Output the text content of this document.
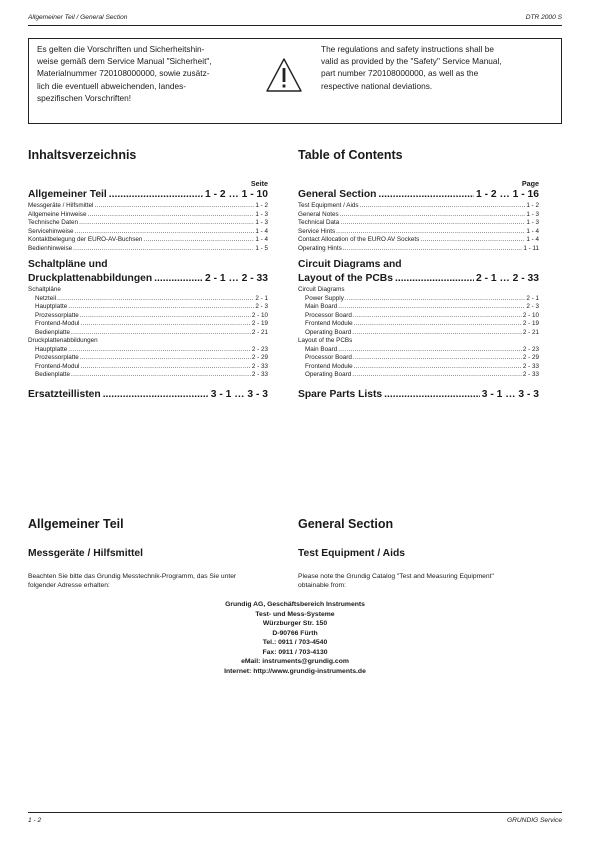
Allgemeiner Teil / General Section	DTR 2000 S
Es gelten die Vorschriften und Sicherheitshin-
weise gemäß dem Service Manual "Sicherheit",
Materialnummer 720108000000, sowie zusätz-
lich die eventuell abweichenden, landes-
spezifischen Vorschriften!
The regulations and safety instructions shall be
valid as provided by the "Safety" Service Manual,
part number 720108000000, as well as the
respective national deviations.
Inhaltsverzeichnis
Seite
Allgemeiner Teil .....	1 - 2 … 1 - 10
Messgeräte / Hilfsmittel .....	1 - 2
Allgemeine Hinweise .....	1 - 3
Technische Daten .....	1 - 3
Servicehinweise .....	1 - 4
Kontaktbelegung der EURO-AV-Buchsen .....	1 - 4
Bedienhinweise .....	1 - 5
Schaltpläne und
Druckplattenabbildungen .....	2 - 1 … 2 - 33
Schaltpläne
Netzteil .....	2 - 1
Hauptplatte .....	2 - 3
Prozessorplatte .....	2 - 10
Frontend-Modul .....	2 - 19
Bedienplatte .....	2 - 21
Druckplattenabbildungen
Hauptplatte .....	2 - 23
Prozessorplatte .....	2 - 29
Frontend-Modul .....	2 - 33
Bedienplatte .....	2 - 33
Ersatzteillisten .....	3 - 1 … 3 - 3
Table of Contents
Page
General Section .....	1 - 2 … 1 - 16
Test Equipment / Aids .....	1 - 2
General Notes .....	1 - 3
Technical Data .....	1 - 3
Service Hints .....	1 - 4
Contact Allocation of the EURO AV Sockets .....	1 - 4
Operating Hints .....	1 - 11
Circuit Diagrams and
Layout of the PCBs .....	2 - 1 … 2 - 33
Circuit Diagrams
Power Supply .....	2 - 1
Main Board .....	2 - 3
Processor Board .....	2 - 10
Frontend Module .....	2 - 19
Operating Board .....	2 - 21
Layout of the PCBs
Main Board .....	2 - 23
Processor Board .....	2 - 29
Frontend Module .....	2 - 33
Operating Board .....	2 - 33
Spare Parts Lists .....	3 - 1 … 3 - 3
Allgemeiner Teil
Messgeräte / Hilfsmittel
Beachten Sie bitte das Grundig Messtechnik-Programm, das Sie unter
folgender Adresse erhalten:
General Section
Test Equipment / Aids
Please note the Grundig Catalog "Test and Measuring Equipment"
obtainable from:
Grundig AG, Geschäftsbereich Instruments
Test- und Mess-Systeme
Würzburger Str. 150
D-90766 Fürth
Tel.: 0911 / 703-4540
Fax: 0911 / 703-4130
eMail: instruments@grundig.com
Internet: http://www.grundig-instruments.de
1 - 2	GRUNDIG Service
